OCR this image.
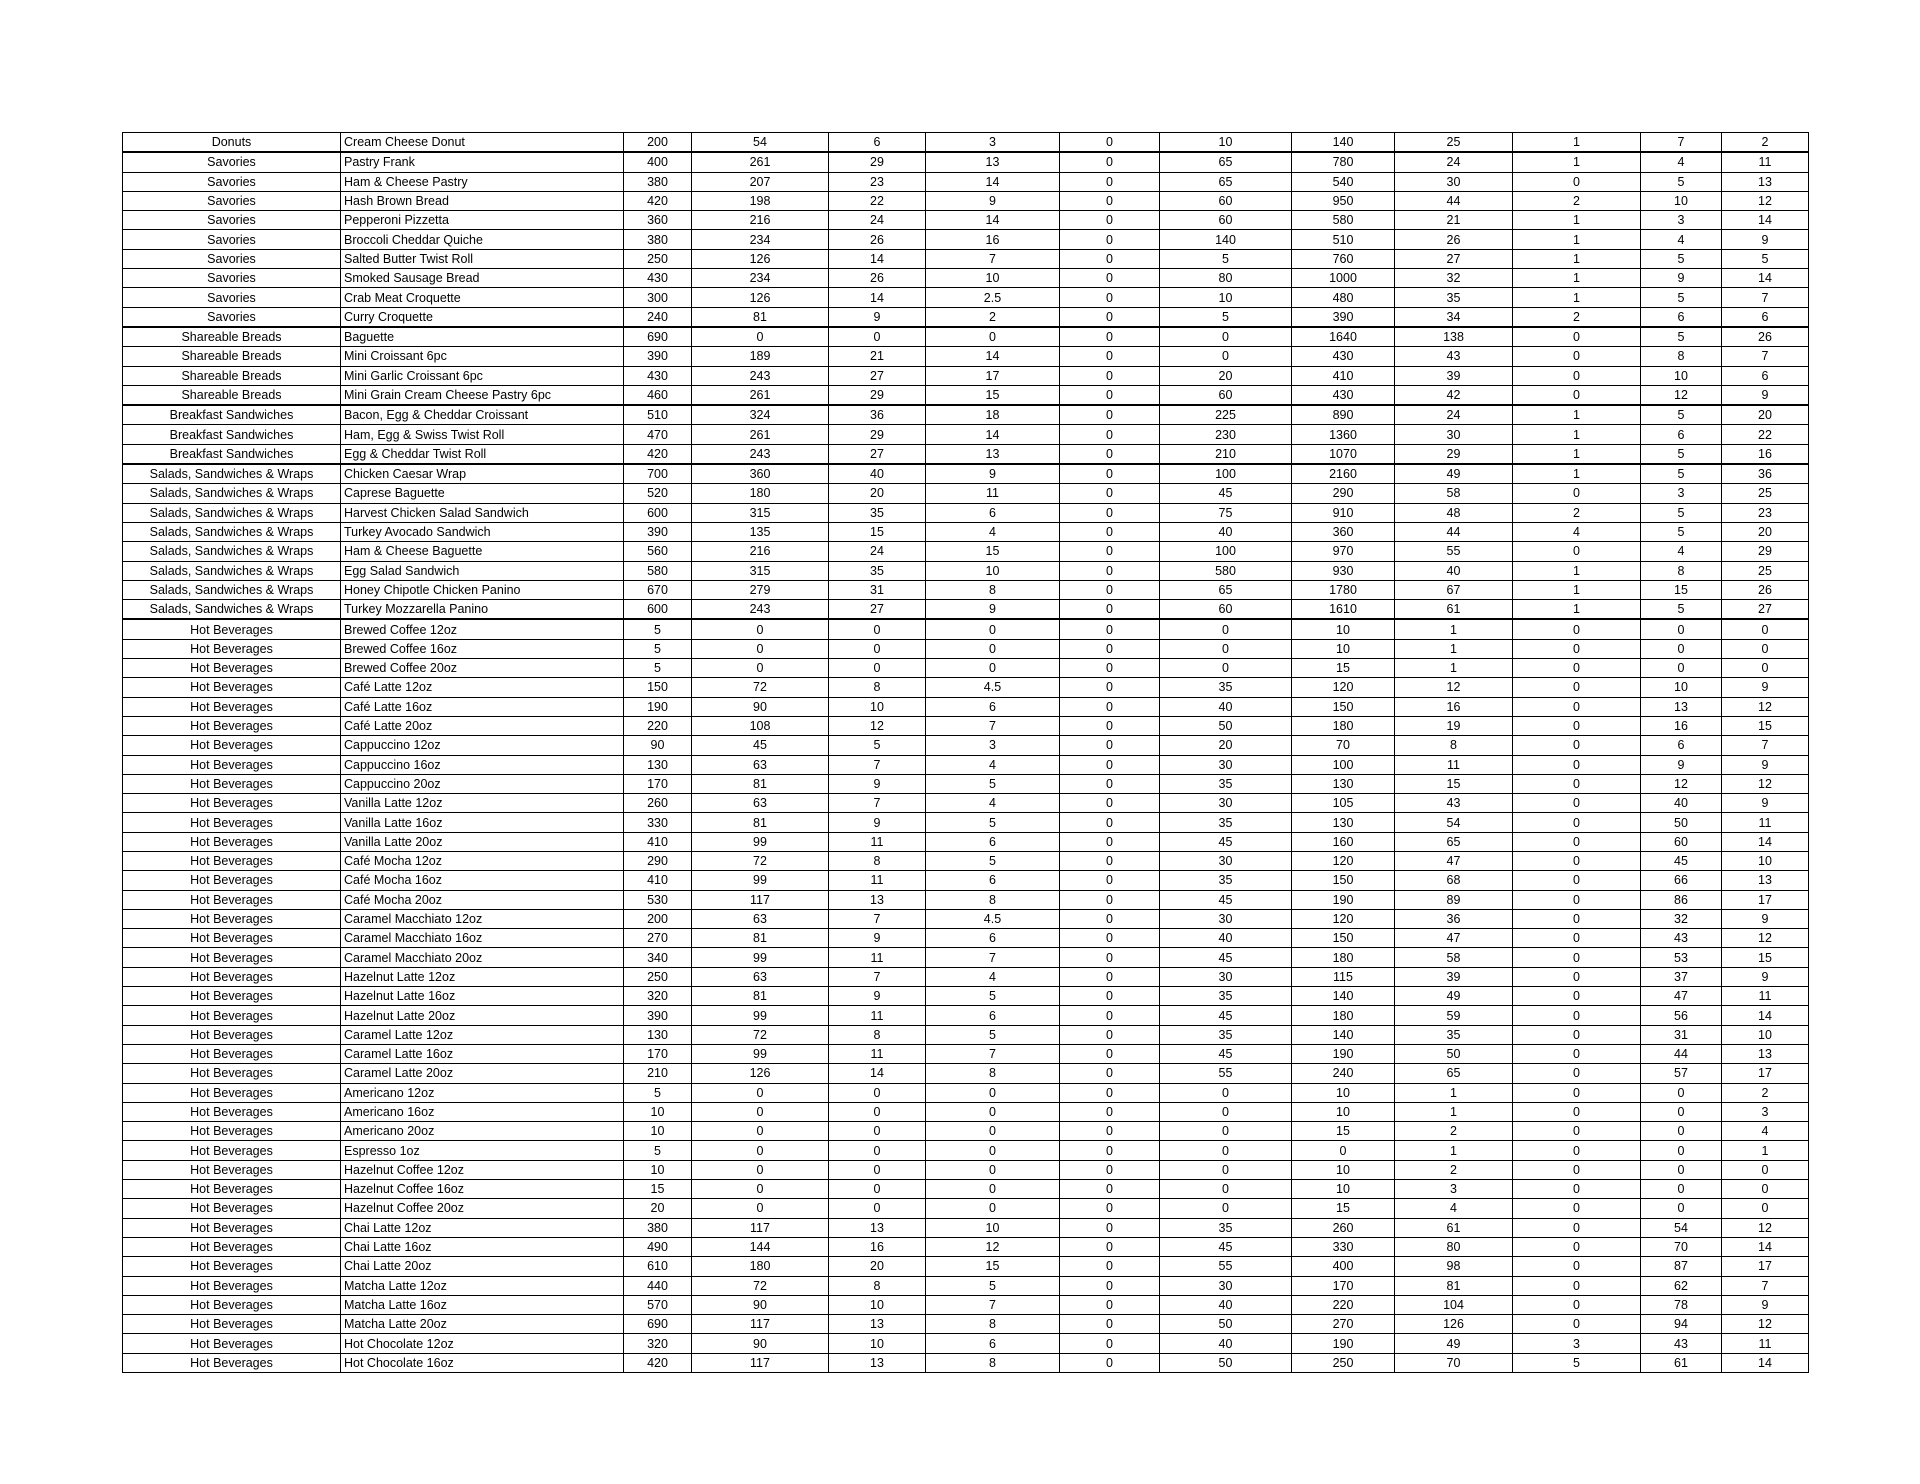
Donuts	Cream Cheese Donut	200	54	6	3	0	10	140	25	1	7	2
Savories	Pastry Frank	400	261	29	13	0	65	780	24	1	4	11
Savories	Ham & Cheese Pastry	380	207	23	14	0	65	540	30	0	5	13
Savories	Hash Brown Bread	420	198	22	9	0	60	950	44	2	10	12
Savories	Pepperoni Pizzetta	360	216	24	14	0	60	580	21	1	3	14
Savories	Broccoli Cheddar Quiche	380	234	26	16	0	140	510	26	1	4	9
Savories	Salted Butter Twist Roll	250	126	14	7	0	5	760	27	1	5	5
Savories	Smoked Sausage Bread	430	234	26	10	0	80	1000	32	1	9	14
Savories	Crab Meat Croquette	300	126	14	2.5	0	10	480	35	1	5	7
Savories	Curry Croquette	240	81	9	2	0	5	390	34	2	6	6
Shareable Breads	Baguette	690	0	0	0	0	0	1640	138	0	5	26
Shareable Breads	Mini Croissant 6pc	390	189	21	14	0	0	430	43	0	8	7
Shareable Breads	Mini Garlic Croissant 6pc	430	243	27	17	0	20	410	39	0	10	6
Shareable Breads	Mini Grain Cream Cheese Pastry 6pc	460	261	29	15	0	60	430	42	0	12	9
Breakfast Sandwiches	Bacon, Egg & Cheddar Croissant	510	324	36	18	0	225	890	24	1	5	20
Breakfast Sandwiches	Ham, Egg & Swiss Twist Roll	470	261	29	14	0	230	1360	30	1	6	22
Breakfast Sandwiches	Egg & Cheddar Twist Roll	420	243	27	13	0	210	1070	29	1	5	16
Salads, Sandwiches & Wraps	Chicken Caesar Wrap	700	360	40	9	0	100	2160	49	1	5	36
Salads, Sandwiches & Wraps	Caprese Baguette	520	180	20	11	0	45	290	58	0	3	25
Salads, Sandwiches & Wraps	Harvest Chicken Salad Sandwich	600	315	35	6	0	75	910	48	2	5	23
Salads, Sandwiches & Wraps	Turkey Avocado Sandwich	390	135	15	4	0	40	360	44	4	5	20
Salads, Sandwiches & Wraps	Ham & Cheese Baguette	560	216	24	15	0	100	970	55	0	4	29
Salads, Sandwiches & Wraps	Egg Salad Sandwich	580	315	35	10	0	580	930	40	1	8	25
Salads, Sandwiches & Wraps	Honey Chipotle Chicken Panino	670	279	31	8	0	65	1780	67	1	15	26
Salads, Sandwiches & Wraps	Turkey Mozzarella Panino	600	243	27	9	0	60	1610	61	1	5	27
Hot Beverages	Brewed Coffee 12oz	5	0	0	0	0	0	10	1	0	0	0
Hot Beverages	Brewed Coffee 16oz	5	0	0	0	0	0	10	1	0	0	0
Hot Beverages	Brewed Coffee 20oz	5	0	0	0	0	0	15	1	0	0	0
Hot Beverages	Café Latte 12oz	150	72	8	4.5	0	35	120	12	0	10	9
Hot Beverages	Café Latte 16oz	190	90	10	6	0	40	150	16	0	13	12
Hot Beverages	Café Latte 20oz	220	108	12	7	0	50	180	19	0	16	15
Hot Beverages	Cappuccino 12oz	90	45	5	3	0	20	70	8	0	6	7
Hot Beverages	Cappuccino 16oz	130	63	7	4	0	30	100	11	0	9	9
Hot Beverages	Cappuccino 20oz	170	81	9	5	0	35	130	15	0	12	12
Hot Beverages	Vanilla Latte 12oz	260	63	7	4	0	30	105	43	0	40	9
Hot Beverages	Vanilla Latte 16oz	330	81	9	5	0	35	130	54	0	50	11
Hot Beverages	Vanilla Latte 20oz	410	99	11	6	0	45	160	65	0	60	14
Hot Beverages	Café Mocha 12oz	290	72	8	5	0	30	120	47	0	45	10
Hot Beverages	Café Mocha 16oz	410	99	11	6	0	35	150	68	0	66	13
Hot Beverages	Café Mocha 20oz	530	117	13	8	0	45	190	89	0	86	17
Hot Beverages	Caramel Macchiato 12oz	200	63	7	4.5	0	30	120	36	0	32	9
Hot Beverages	Caramel Macchiato 16oz	270	81	9	6	0	40	150	47	0	43	12
Hot Beverages	Caramel Macchiato 20oz	340	99	11	7	0	45	180	58	0	53	15
Hot Beverages	Hazelnut Latte 12oz	250	63	7	4	0	30	115	39	0	37	9
Hot Beverages	Hazelnut Latte 16oz	320	81	9	5	0	35	140	49	0	47	11
Hot Beverages	Hazelnut Latte 20oz	390	99	11	6	0	45	180	59	0	56	14
Hot Beverages	Caramel Latte 12oz	130	72	8	5	0	35	140	35	0	31	10
Hot Beverages	Caramel Latte 16oz	170	99	11	7	0	45	190	50	0	44	13
Hot Beverages	Caramel Latte 20oz	210	126	14	8	0	55	240	65	0	57	17
Hot Beverages	Americano 12oz	5	0	0	0	0	0	10	1	0	0	2
Hot Beverages	Americano 16oz	10	0	0	0	0	0	10	1	0	0	3
Hot Beverages	Americano 20oz	10	0	0	0	0	0	15	2	0	0	4
Hot Beverages	Espresso 1oz	5	0	0	0	0	0	0	1	0	0	1
Hot Beverages	Hazelnut Coffee 12oz	10	0	0	0	0	0	10	2	0	0	0
Hot Beverages	Hazelnut Coffee 16oz	15	0	0	0	0	0	10	3	0	0	0
Hot Beverages	Hazelnut Coffee 20oz	20	0	0	0	0	0	15	4	0	0	0
Hot Beverages	Chai Latte 12oz	380	117	13	10	0	35	260	61	0	54	12
Hot Beverages	Chai Latte 16oz	490	144	16	12	0	45	330	80	0	70	14
Hot Beverages	Chai Latte 20oz	610	180	20	15	0	55	400	98	0	87	17
Hot Beverages	Matcha Latte 12oz	440	72	8	5	0	30	170	81	0	62	7
Hot Beverages	Matcha Latte 16oz	570	90	10	7	0	40	220	104	0	78	9
Hot Beverages	Matcha Latte 20oz	690	117	13	8	0	50	270	126	0	94	12
Hot Beverages	Hot Chocolate 12oz	320	90	10	6	0	40	190	49	3	43	11
Hot Beverages	Hot Chocolate 16oz	420	117	13	8	0	50	250	70	5	61	14
